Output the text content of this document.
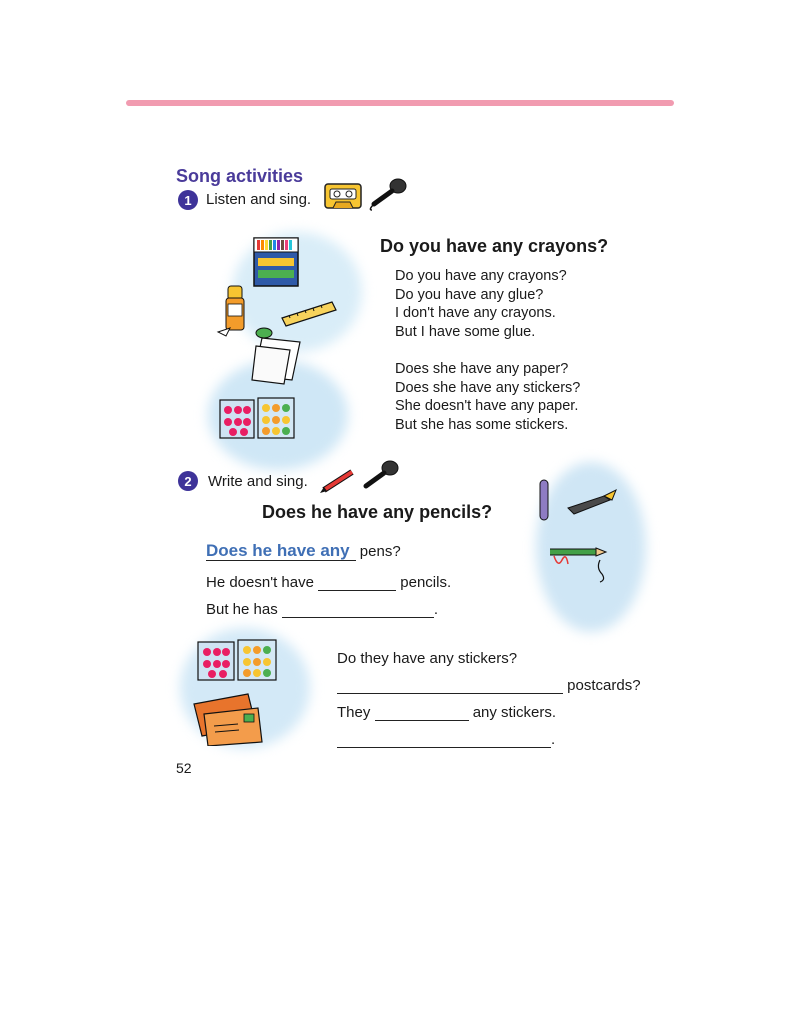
Song activities
1 Listen and sing.
Do you have any crayons?
Do you have any crayons?
Do you have any glue?
I don't have any crayons.
But I have some glue.
Does she have any paper?
Does she have any stickers?
She doesn't have any paper.
But she has some stickers.
2	Write and sing.
Does he have any pencils?
Does he have any pens?
He doesn't have	pencils.
But he has	.
Do they have any stickers?
postcards?
They	any stickers.
.
52
